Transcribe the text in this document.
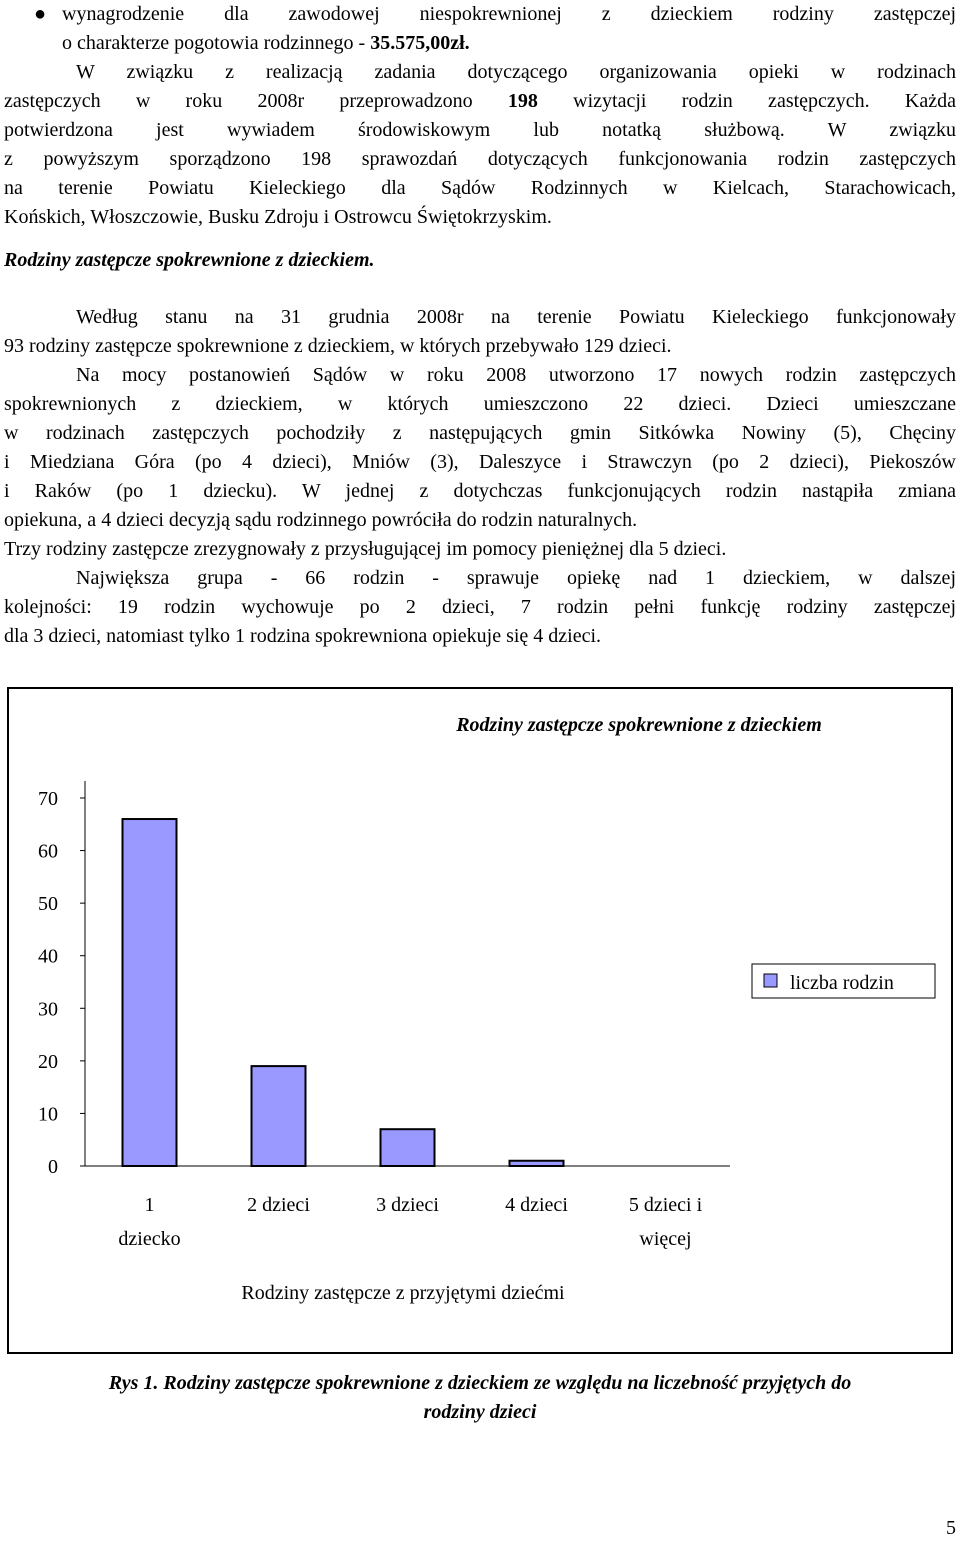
● wynagrodzenie dla zawodowej niespokrewnionej z dzieckiem rodziny zastępczej
o charakterze pogotowia rodzinnego - 35.575,00zł.
W związku z realizacją zadania dotyczącego organizowania opieki w rodzinach
zastępczych w roku 2008r przeprowadzono 198 wizytacji rodzin zastępczych. Każda
potwierdzona jest wywiadem środowiskowym lub notatką służbową. W związku
z powyższym sporządzono 198 sprawozdań dotyczących funkcjonowania rodzin zastępczych
na terenie Powiatu Kieleckiego dla Sądów Rodzinnych w Kielcach, Starachowicach,
Końskich, Włoszczowie, Busku Zdroju i Ostrowcu Świętokrzyskim.
Rodziny zastępcze spokrewnione z dzieckiem.
Według stanu na 31 grudnia 2008r na terenie Powiatu Kieleckiego funkcjonowały
93 rodziny zastępcze spokrewnione z dzieckiem, w których przebywało 129 dzieci.
Na mocy postanowień Sądów w roku 2008 utworzono 17 nowych rodzin zastępczych
spokrewnionych z dzieckiem, w których umieszczono 22 dzieci. Dzieci umieszczane
w rodzinach zastępczych pochodziły z następujących gmin Sitkówka Nowiny (5), Chęciny
i Miedziana Góra (po 4 dzieci), Mniów (3), Daleszyce i Strawczyn (po 2 dzieci), Piekoszów
i Raków (po 1 dziecku). W jednej z dotychczas funkcjonujących rodzin nastąpiła zmiana
opiekuna, a 4 dzieci decyzją sądu rodzinnego powróciła do rodzin naturalnych.
Trzy rodziny zastępcze zrezygnowały z przysługującej im pomocy pieniężnej dla 5 dzieci.
Największa grupa - 66 rodzin - sprawuje opiekę nad 1 dzieckiem, w dalszej
kolejności: 19 rodzin wychowuje po 2 dzieci, 7 rodzin pełni funkcję rodziny zastępczej
dla 3 dzieci, natomiast tylko 1 rodzina spokrewniona opiekuje się 4 dzieci.
Rodziny zastępcze spokrewnione z dzieckiem
0
10
20
30
40
50
60
70
1
dziecko
2 dzieci	3 dzieci	4 dzieci	5 dzieci i
więcej
Rodziny zastępcze z przyjętymi dziećmi
liczba rodzin
Rys 1. Rodziny zastępcze spokrewnione z dzieckiem ze względu na liczebność przyjętych do
rodziny dzieci
5
